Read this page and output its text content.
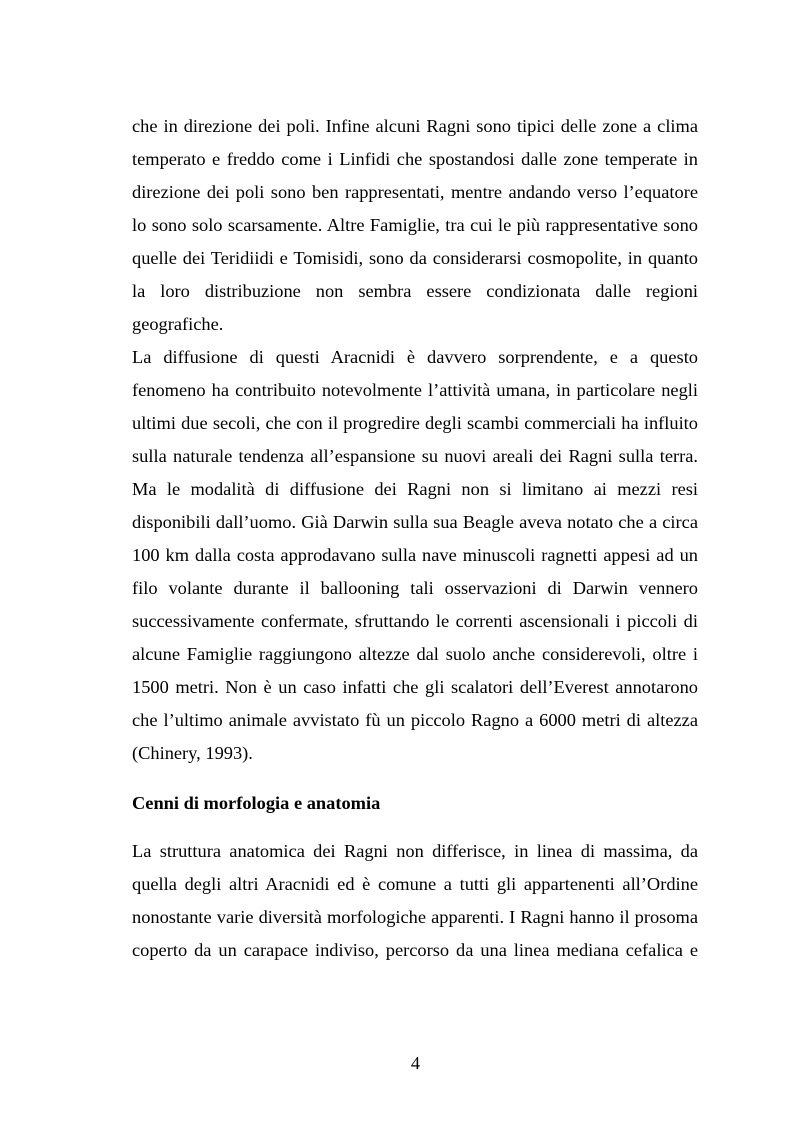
che in direzione dei poli. Infine alcuni Ragni sono tipici delle zone a clima
temperato e freddo come i Linfidi che spostandosi dalle zone temperate in
direzione dei poli sono ben rappresentati, mentre andando verso l’equatore
lo sono solo scarsamente. Altre Famiglie, tra cui le più rappresentative sono
quelle dei Teridiidi e Tomisidi, sono da considerarsi cosmopolite, in quanto
la loro distribuzione non sembra essere condizionata dalle regioni
geografiche.
La diffusione di questi Aracnidi è davvero sorprendente, e a questo
fenomeno ha contribuito notevolmente l’attività umana, in particolare negli
ultimi due secoli, che con il progredire degli scambi commerciali ha influito
sulla naturale tendenza all’espansione su nuovi areali dei Ragni sulla terra.
Ma le modalità di diffusione dei Ragni non si limitano ai mezzi resi
disponibili dall’uomo. Già Darwin sulla sua Beagle aveva notato che a circa
100 km dalla costa approdavano sulla nave minuscoli ragnetti appesi ad un
filo volante durante il ballooning tali osservazioni di Darwin vennero
successivamente confermate, sfruttando le correnti ascensionali i piccoli di
alcune Famiglie raggiungono altezze dal suolo anche considerevoli, oltre i
1500 metri. Non è un caso infatti che gli scalatori dell’Everest annotarono
che l’ultimo animale avvistato fù un piccolo Ragno a 6000 metri di altezza
(Chinery, 1993).
Cenni di morfologia e anatomia
La struttura anatomica dei Ragni non differisce, in linea di massima, da
quella degli altri Aracnidi ed è comune a tutti gli appartenenti all’Ordine
nonostante varie diversità morfologiche apparenti. I Ragni hanno il prosoma
coperto da un carapace indiviso, percorso da una linea mediana cefalica e
4
